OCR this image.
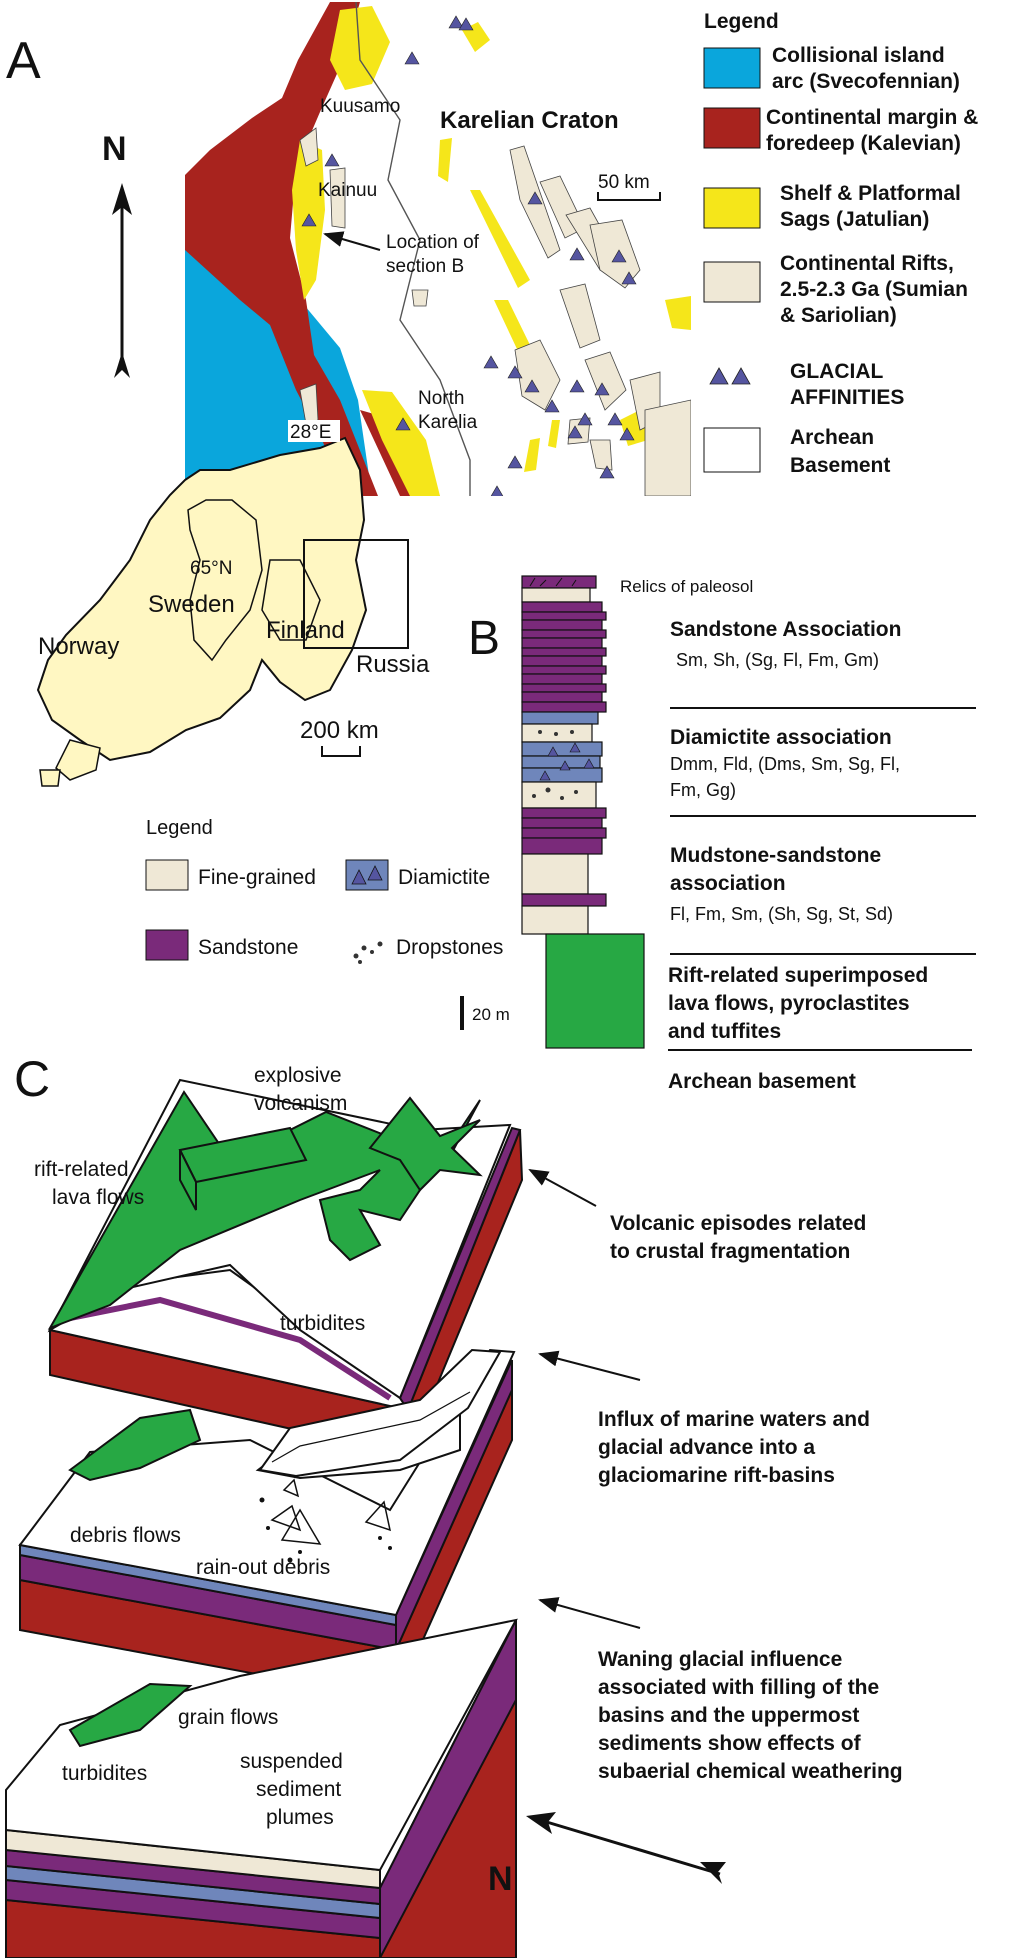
A
N
Kuusamo
Karelian Craton
50 km
Kainuu
Location of
section B
North
Karelia
28°E
65°N
Norway
Sweden
Finland
Russia
200 km
Legend
Collisional island
arc (Svecofennian)
Continental margin &
foredeep (Kalevian)
Shelf & Platformal
Sags (Jatulian)
Continental Rifts,
2.5-2.3 Ga (Sumian
& Sariolian)
GLACIAL
AFFINITIES
Archean
Basement
B
Relics of paleosol
20 m
Legend
Fine-grained	Diamictite
Sandstone	Dropstones
Sandstone Association
Sm, Sh, (Sg, Fl, Fm, Gm)
Diamictite association
Dmm, Fld, (Dms, Sm, Sg, Fl,
Fm, Gg)
Mudstone-sandstone
association
Fl, Fm, Sm, (Sh, Sg, St, Sd)
Rift-related superimposed
lava flows, pyroclastites
and tuffites
Archean basement
C	explosive
volcanism
rift-related
lava flows
turbidites
debris flows
rain-out debris
grain flows
turbidites
suspended
sediment
plumes
Volcanic episodes related
to crustal fragmentation
Influx of marine waters and
glacial advance into a
glaciomarine rift-basins
Waning glacial influence
associated with filling of the
basins and the uppermost
sediments show effects of
subaerial chemical weathering
N
